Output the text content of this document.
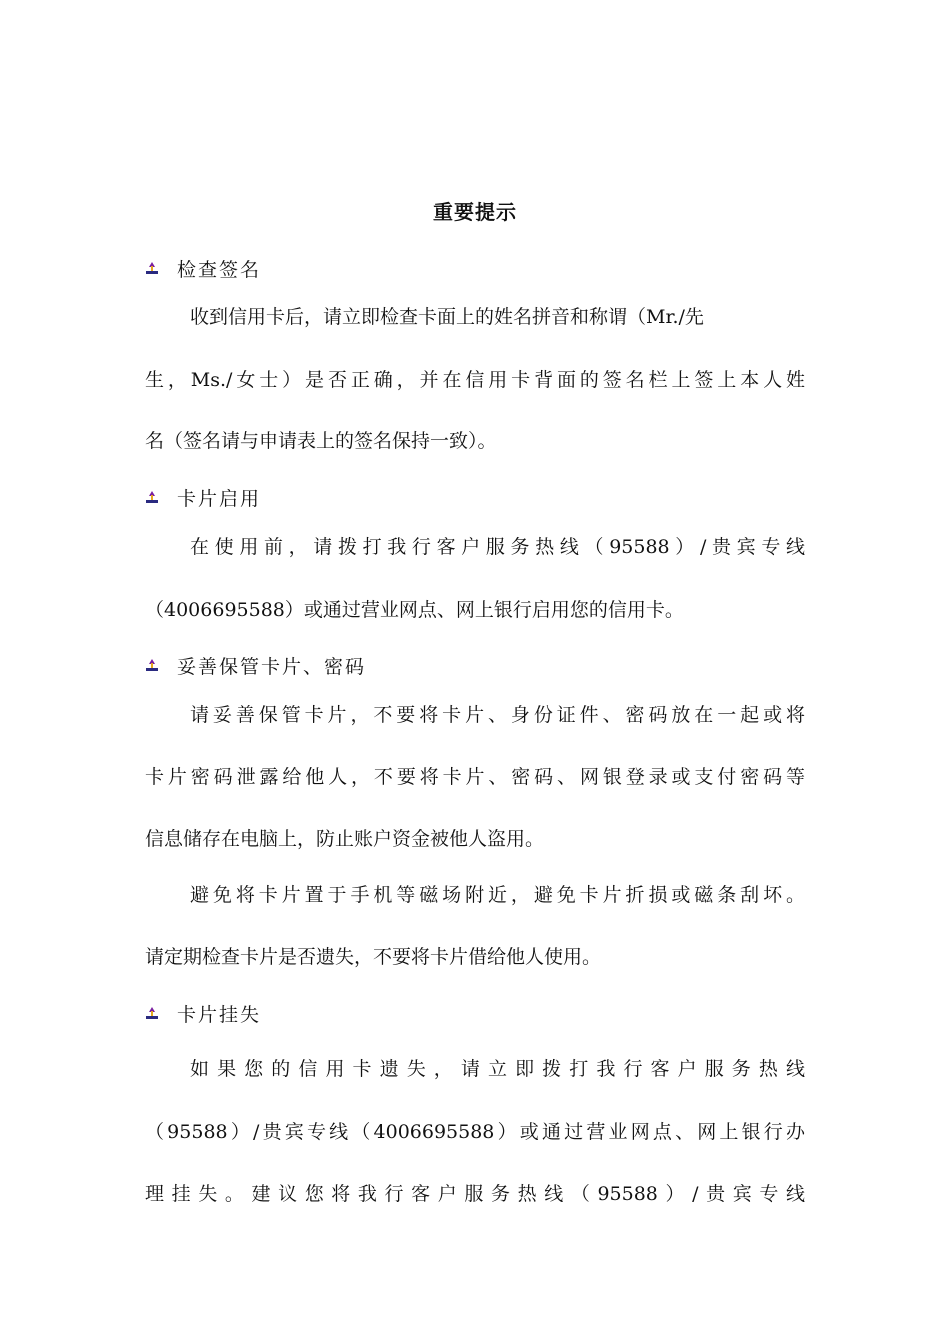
重要提示
检查签名
收到信用卡后，请立即检查卡面上的姓名拼音和称谓（Mr./先
生，Ms./女士）是否正确，并在信用卡背面的签名栏上签上本人姓
名（签名请与申请表上的签名保持一致）。
卡片启用
在使用前，请拨打我行客户服务热线（95588）/贵宾专线
（4006695588）或通过营业网点、网上银行启用您的信用卡。
妥善保管卡片、密码
请妥善保管卡片，不要将卡片、身份证件、密码放在一起或将
卡片密码泄露给他人，不要将卡片、密码、网银登录或支付密码等
信息储存在电脑上，防止账户资金被他人盗用。
避免将卡片置于手机等磁场附近，避免卡片折损或磁条刮坏。
请定期检查卡片是否遗失，不要将卡片借给他人使用。
卡片挂失
如果您的信用卡遗失，请立即拨打我行客户服务热线
（95588）/贵宾专线（4006695588）或通过营业网点、网上银行办
理挂失。建议您将我行客户服务热线（95588）/贵宾专线
